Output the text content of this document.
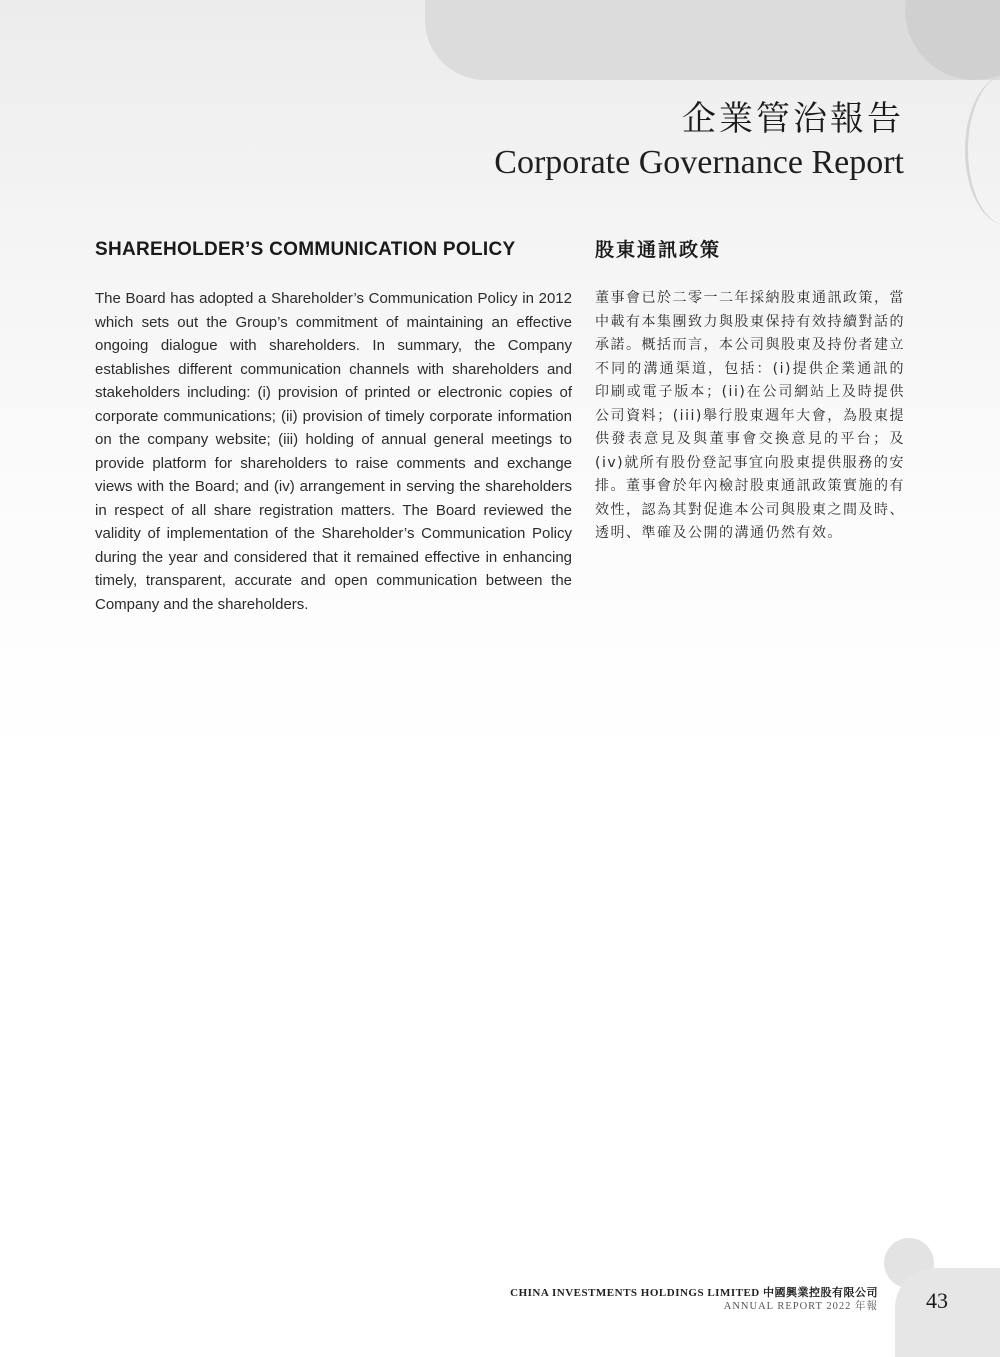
企業管治報告
Corporate Governance Report
SHAREHOLDER’S COMMUNICATION POLICY

The Board has adopted a Shareholder’s Communication Policy in 2012 which sets out the Group’s commitment of maintaining an effective ongoing dialogue with shareholders. In summary, the Company establishes different communication channels with shareholders and stakeholders including: (i) provision of printed or electronic copies of corporate communications; (ii) provision of timely corporate information on the company website; (iii) holding of annual general meetings to provide platform for shareholders to raise comments and exchange views with the Board; and (iv) arrangement in serving the shareholders in respect of all share registration matters. The Board reviewed the validity of implementation of the Shareholder’s Communication Policy during the year and considered that it remained effective in enhancing timely, transparent, accurate and open communication between the Company and the shareholders.

股東通訊政策

董事會已於二零一二年採納股東通訊政策，當中載有本集團致力與股東保持有效持續對話的承諾。概括而言，本公司與股東及持份者建立不同的溝通渠道，包括：(i)提供企業通訊的印刷或電子版本；(ii)在公司網站上及時提供公司資料；(iii)舉行股東週年大會，為股東提供發表意見及與董事會交換意見的平台；及(iv)就所有股份登記事宜向股東提供服務的安排。董事會於年內檢討股東通訊政策實施的有效性，認為其對促進本公司與股東之間及時、透明、準確及公開的溝通仍然有效。

CHINA INVESTMENTS HOLDINGS LIMITED 中國興業控股有限公司
ANNUAL REPORT 2022 年報	43
